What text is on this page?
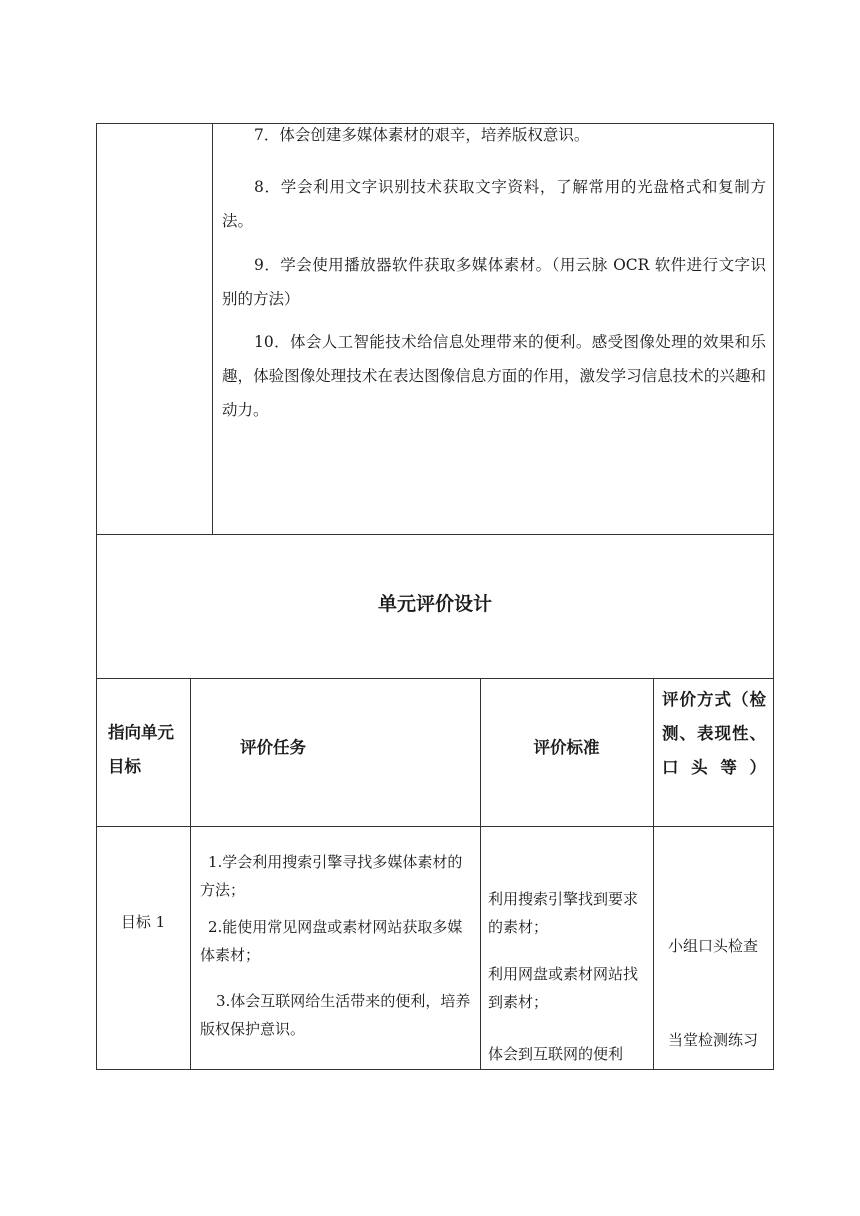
7．体会创建多媒体素材的艰辛，培养版权意识。
8．学会利用文字识别技术获取文字资料，了解常用的光盘格式和复制方法。
9．学会使用播放器软件获取多媒体素材。（用云脉 OCR 软件进行文字识别的方法）
10．体会人工智能技术给信息处理带来的便利。感受图像处理的效果和乐趣，体验图像处理技术在表达图像信息方面的作用，激发学习信息技术的兴趣和动力。
单元评价设计
指向单元目标
评价任务	评价标准
评价方式（检测、表现性、口头等）
目标 1
1.学会利用搜索引擎寻找多媒体素材的方法；
2.能使用常见网盘或素材网站获取多媒体素材；
3.体会互联网给生活带来的便利，培养版权保护意识。
利用搜索引擎找到要求的素材；
利用网盘或素材网站找到素材；
体会到互联网的便利
小组口头检查
当堂检测练习
